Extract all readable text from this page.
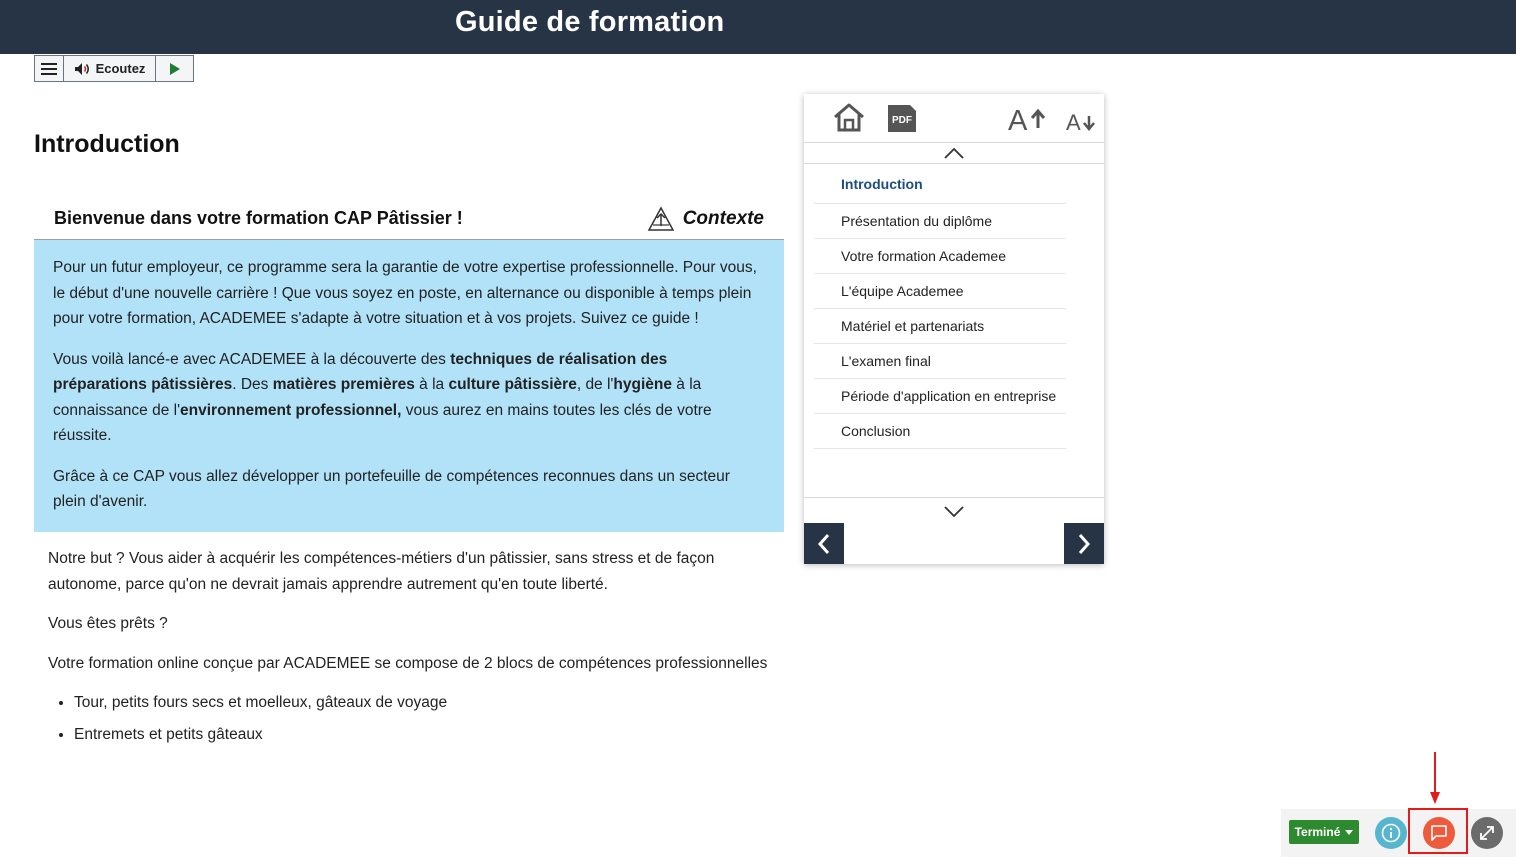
Guide de formation
Ecoutez
Introduction
Bienvenue dans votre formation CAP Pâtissier !	Contexte

Pour un futur employeur, ce programme sera la garantie de votre expertise professionnelle. Pour vous, le début d'une nouvelle carrière ! Que vous soyez en poste, en alternance ou disponible à temps plein pour votre formation, ACADEMEE s'adapte à votre situation et à vos projets. Suivez ce guide !

Vous voilà lancé-e avec ACADEMEE à la découverte des techniques de réalisation des préparations pâtissières. Des matières premières à la culture pâtissière, de l'hygiène à la connaissance de l'environnement professionnel, vous aurez en mains toutes les clés de votre réussite.

Grâce à ce CAP vous allez développer un portefeuille de compétences reconnues dans un secteur plein d'avenir.

Notre but ? Vous aider à acquérir les compétences-métiers d'un pâtissier, sans stress et de façon autonome, parce qu'on ne devrait jamais apprendre autrement qu'en toute liberté.

Vous êtes prêts ?

Votre formation online conçue par ACADEMEE se compose de 2 blocs de compétences professionnelles

• Tour, petits fours secs et moelleux, gâteaux de voyage
• Entremets et petits gâteaux
PDF	A A
Introduction
Présentation du diplôme
Votre formation Academee
L'équipe Academee
Matériel et partenariats
L'examen final
Période d'application en entreprise
Conclusion
Terminé
